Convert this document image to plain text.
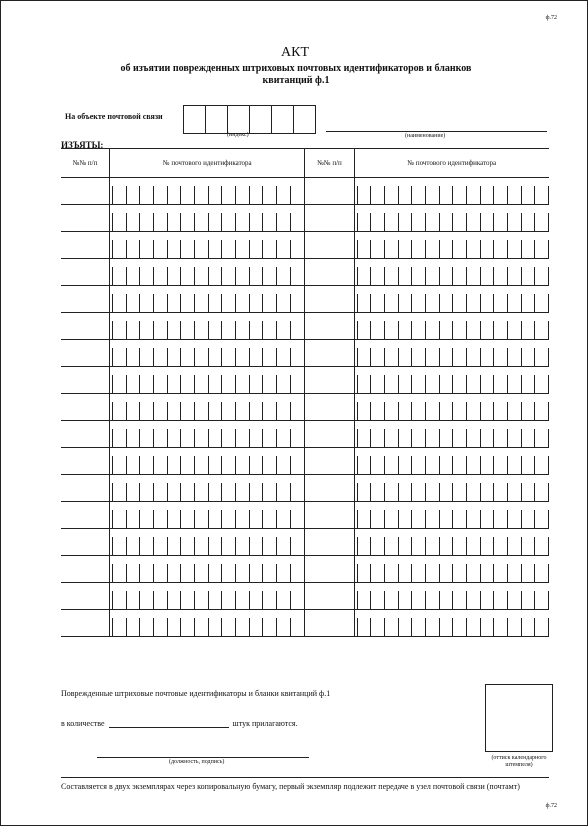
ф.72
АКТ
об изъятии поврежденных штриховых почтовых идентификаторов и бланков квитанций ф.1
На объекте почтовой связи
(индекс)	(наименование)
ИЗЪЯТЫ:
№№ п/п	№ почтового идентификатора	№№ п/п	№ почтового идентификатора

Поврежденные штриховые почтовые идентификаторы и бланки квитанций ф.1
в количестве	штук прилагаются.
(должность, подпись)
(оттиск календарного штемпеля)
Составляется в двух экземплярах через копировальную бумагу, первый экземпляр подлежит передаче в узел почтовой связи (почтамт)
ф.72
